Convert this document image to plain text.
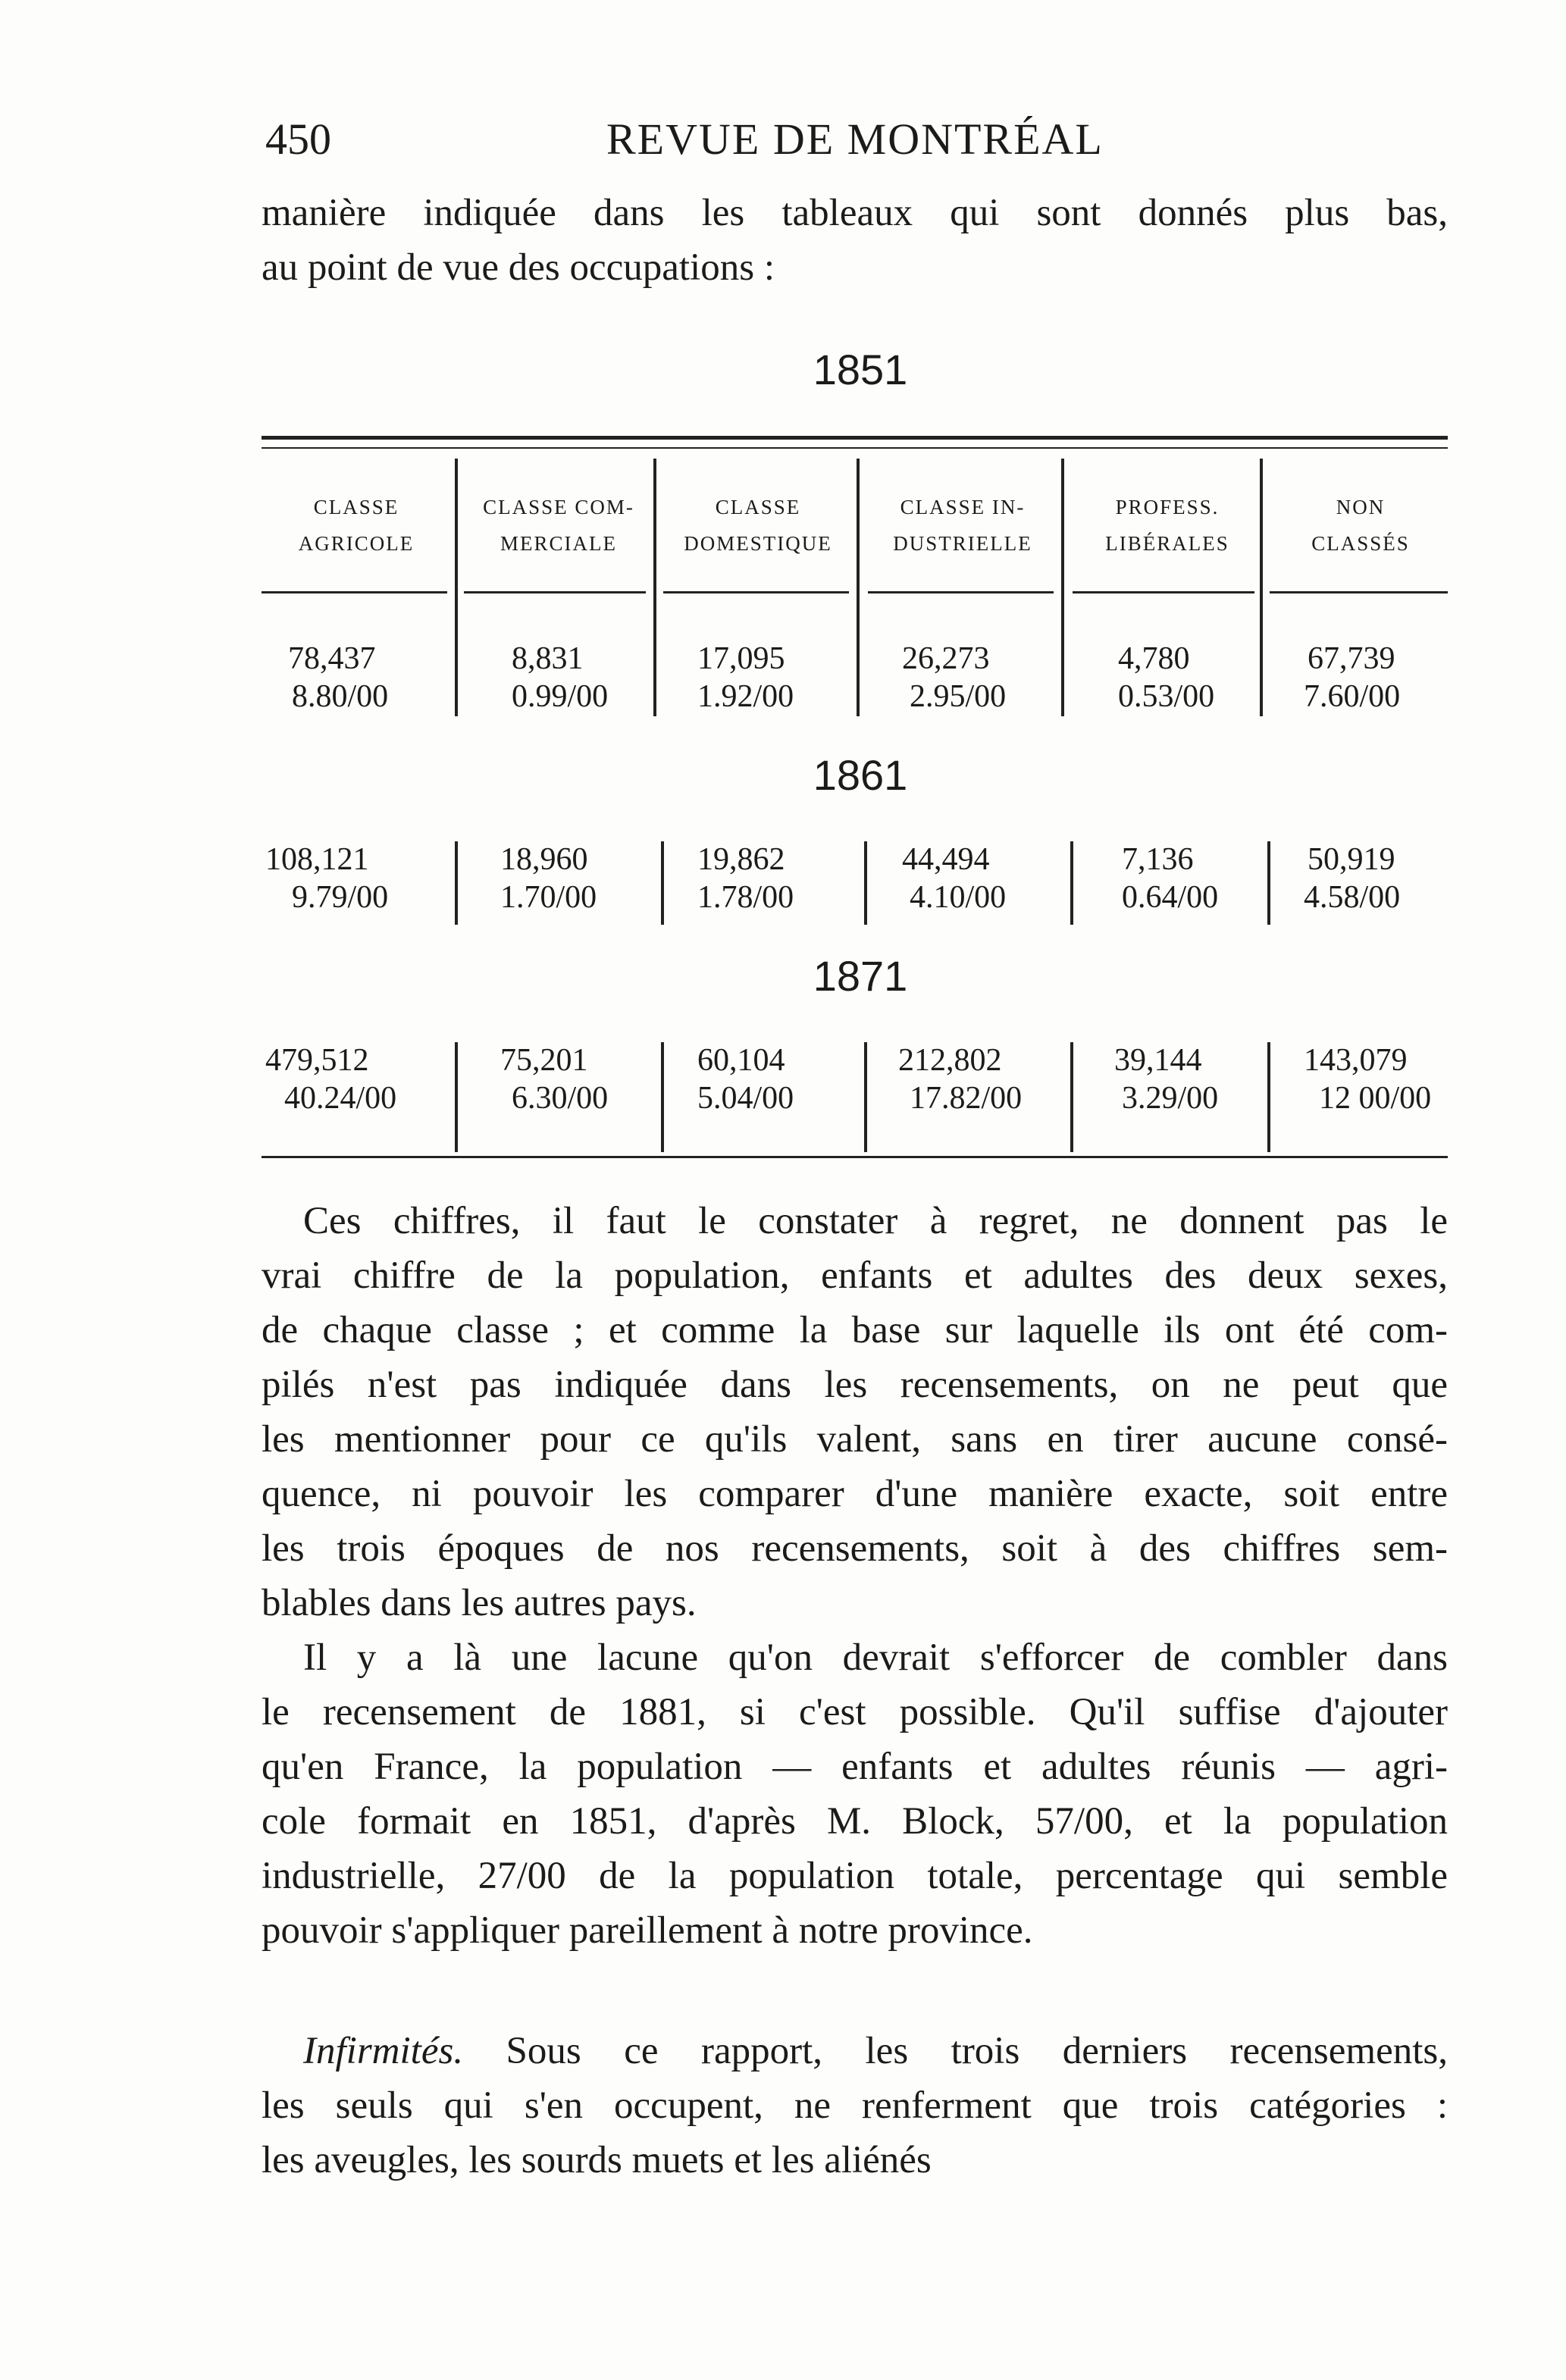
450	REVUE DE MONTRÉAL
manière indiquée dans les tableaux qui sont donnés plus bas,
au point de vue des occupations :
1851
CLASSE
AGRICOLE
CLASSE COM-
MERCIALE
CLASSE
DOMESTIQUE
CLASSE IN-
DUSTRIELLE
PROFESS.
LIBÉRALES
NON
CLASSÉS
78,437
8.80/00
8,831
0.99/00
17,095
1.92/00
26,273
2.95/00
4,780
0.53/00
67,739
7.60/00
1861
108,121
9.79/00
18,960
1.70/00
19,862
1.78/00
44,494
4.10/00
7,136
0.64/00
50,919
4.58/00
1871
479,512
40.24/00
75,201
6.30/00
60,104
5.04/00
212,802
17.82/00
39,144
3.29/00
143,079
12 00/00
Ces chiffres, il faut le constater à regret, ne donnent pas le
vrai chiffre de la population, enfants et adultes des deux sexes,
de chaque classe ; et comme la base sur laquelle ils ont été com-
pilés n'est pas indiquée dans les recensements, on ne peut que
les mentionner pour ce qu'ils valent, sans en tirer aucune consé-
quence, ni pouvoir les comparer d'une manière exacte, soit entre
les trois époques de nos recensements, soit à des chiffres sem-
blables dans les autres pays.
Il y a là une lacune qu'on devrait s'efforcer de combler dans
le recensement de 1881, si c'est possible. Qu'il suffise d'ajouter
qu'en France, la population — enfants et adultes réunis — agri-
cole formait en 1851, d'après M. Block, 57/00, et la population
industrielle, 27/00 de la population totale, percentage qui semble
pouvoir s'appliquer pareillement à notre province.
Infirmités. Sous ce rapport, les trois derniers recensements,
les seuls qui s'en occupent, ne renferment que trois catégories :
les aveugles, les sourds muets et les aliénés
